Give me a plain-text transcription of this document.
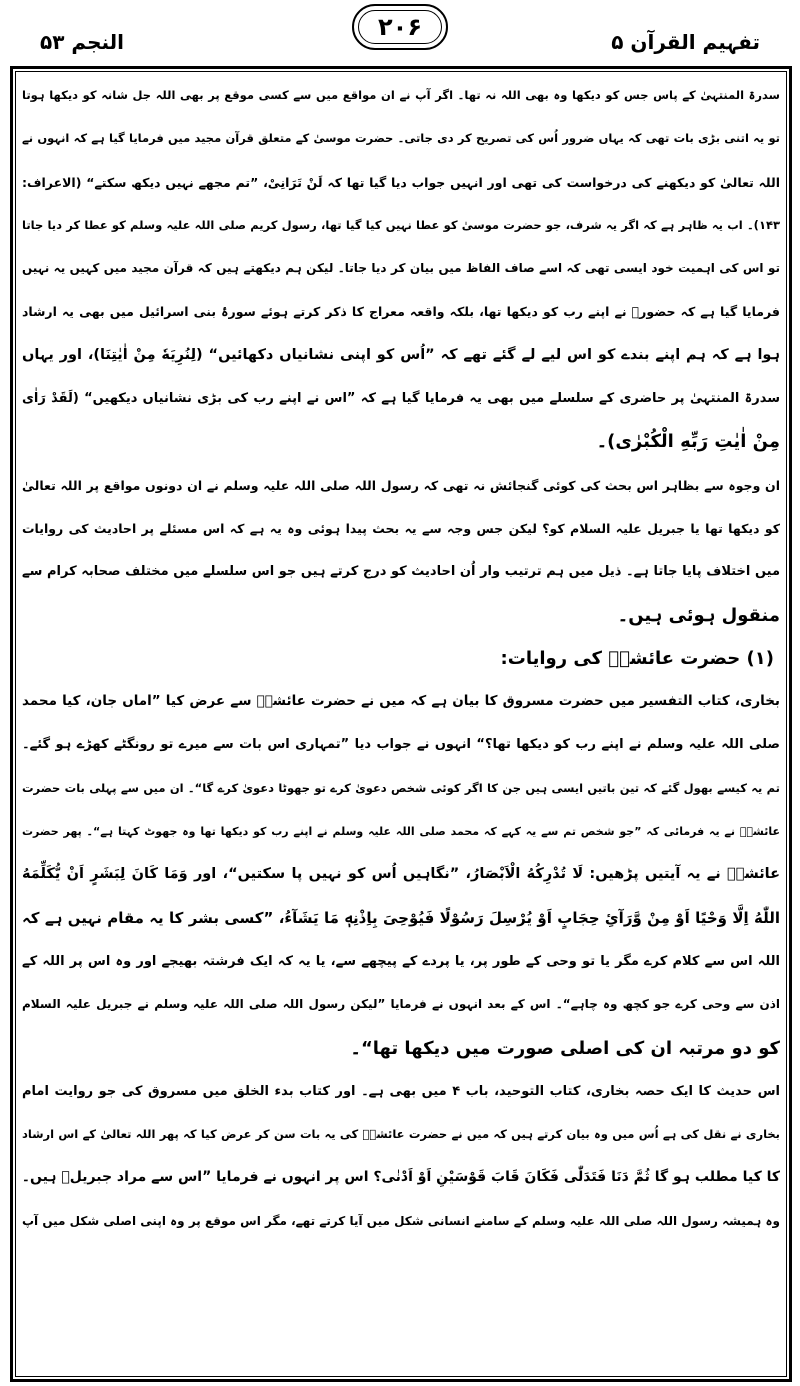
تفہیم القرآن ۵
۲۰۶
النجم ۵۳
سدرۃ المنتہیٰ کے پاس جس کو دیکھا وہ بھی اللہ نہ تھا۔ اگر آپ نے ان مواقع میں سے کسی موقع پر بھی اللہ جل شانہ کو دیکھا ہوتا
تو یہ اتنی بڑی بات تھی کہ یہاں ضرور اُس کی تصریح کر دی جاتی۔ حضرت موسیٰ کے متعلق قرآن مجید میں فرمایا گیا ہے کہ انہوں نے
اللہ تعالیٰ کو دیکھنے کی درخواست کی تھی اور انہیں جواب دیا گیا تھا کہ لَنْ تَرَانِیْ، ”تم مجھے نہیں دیکھ سکتے“ (الاعراف:
۱۴۳)۔ اب یہ ظاہر ہے کہ اگر یہ شرف، جو حضرت موسیٰ کو عطا نہیں کیا گیا تھا، رسول کریم صلی اللہ علیہ وسلم کو عطا کر دیا جاتا
تو اس کی اہمیت خود ایسی تھی کہ اسے صاف الفاظ میں بیان کر دیا جاتا۔ لیکن ہم دیکھتے ہیں کہ قرآن مجید میں کہیں یہ نہیں
فرمایا گیا ہے کہ حضورؐ نے اپنے رب کو دیکھا تھا، بلکہ واقعہ معراج کا ذکر کرتے ہوئے سورۂ بنی اسرائیل میں بھی یہ ارشاد
ہوا ہے کہ ہم اپنے بندے کو اس لیے لے گئے تھے کہ ”اُس کو اپنی نشانیاں دکھائیں“ (لِنُرِیَهٗ مِنْ اٰیٰتِنَا)، اور یہاں
سدرۃ المنتہیٰ پر حاضری کے سلسلے میں بھی یہ فرمایا گیا ہے کہ ”اس نے اپنے رب کی بڑی نشانیاں دیکھیں“ (لَقَدْ رَاٰی
مِنْ اٰیٰتِ رَبِّهِ الْکُبْرٰی)۔
ان وجوہ سے بظاہر اس بحث کی کوئی گنجائش نہ تھی کہ رسول اللہ صلی اللہ علیہ وسلم نے ان دونوں مواقع پر اللہ تعالیٰ
کو دیکھا تھا یا جبریل علیہ السلام کو؟ لیکن جس وجہ سے یہ بحث پیدا ہوئی وہ یہ ہے کہ اس مسئلے پر احادیث کی روایات
میں اختلاف پایا جاتا ہے۔ ذیل میں ہم ترتیب وار اُن احادیث کو درج کرتے ہیں جو اس سلسلے میں مختلف صحابہ کرام سے
منقول ہوئی ہیں۔
(۱) حضرت عائشہؓ کی روایات:
بخاری، کتاب التفسیر میں حضرت مسروق کا بیان ہے کہ میں نے حضرت عائشہؓ سے عرض کیا ”اماں جان، کیا محمد
صلی اللہ علیہ وسلم نے اپنے رب کو دیکھا تھا؟“ انہوں نے جواب دیا ”تمہاری اس بات سے میرے تو رونگٹے کھڑے ہو گئے۔
تم یہ کیسے بھول گئے کہ تین باتیں ایسی ہیں جن کا اگر کوئی شخص دعویٰ کرے تو جھوٹا دعویٰ کرے گا“۔ ان میں سے پہلی بات حضرت
عائشہؓ نے یہ فرمائی کہ ”جو شخص تم سے یہ کہے کہ محمد صلی اللہ علیہ وسلم نے اپنے رب کو دیکھا تھا وہ جھوٹ کہتا ہے“۔ پھر حضرت
عائشہؓ نے یہ آیتیں پڑھیں: لَا تُدْرِکُهُ الْاَبْصَارُ، ”نگاہیں اُس کو نہیں پا سکتیں“، اور وَمَا کَانَ لِبَشَرٍ اَنْ یُّکَلِّمَهُ
اللّٰهُ اِلَّا وَحْیًا اَوْ مِنْ وَّرَآئِ حِجَابٍ اَوْ یُرْسِلَ رَسُوْلًا فَیُوْحِیَ بِاِذْنِهٖ مَا یَشَآءُ، ”کسی بشر کا یہ مقام نہیں ہے کہ
اللہ اس سے کلام کرے مگر یا تو وحی کے طور پر، یا پردے کے پیچھے سے، یا یہ کہ ایک فرشتہ بھیجے اور وہ اس پر اللہ کے
اذن سے وحی کرے جو کچھ وہ چاہے“۔ اس کے بعد انہوں نے فرمایا ”لیکن رسول اللہ صلی اللہ علیہ وسلم نے جبریل علیہ السلام
کو دو مرتبہ ان کی اصلی صورت میں دیکھا تھا“۔
اس حدیث کا ایک حصہ بخاری، کتاب التوحید، باب ۴ میں بھی ہے۔ اور کتاب بدء الخلق میں مسروق کی جو روایت امام
بخاری نے نقل کی ہے اُس میں وہ بیان کرتے ہیں کہ میں نے حضرت عائشہؓ کی یہ بات سن کر عرض کیا کہ پھر اللہ تعالیٰ کے اس ارشاد
کا کیا مطلب ہو گا ثُمَّ دَنَا فَتَدَلّٰی فَکَانَ قَابَ قَوْسَیْنِ اَوْ اَدْنٰی؟ اس پر انہوں نے فرمایا ”اس سے مراد جبریلؑ ہیں۔
وہ ہمیشہ رسول اللہ صلی اللہ علیہ وسلم کے سامنے انسانی شکل میں آیا کرتے تھے، مگر اس موقع پر وہ اپنی اصلی شکل میں آپ
